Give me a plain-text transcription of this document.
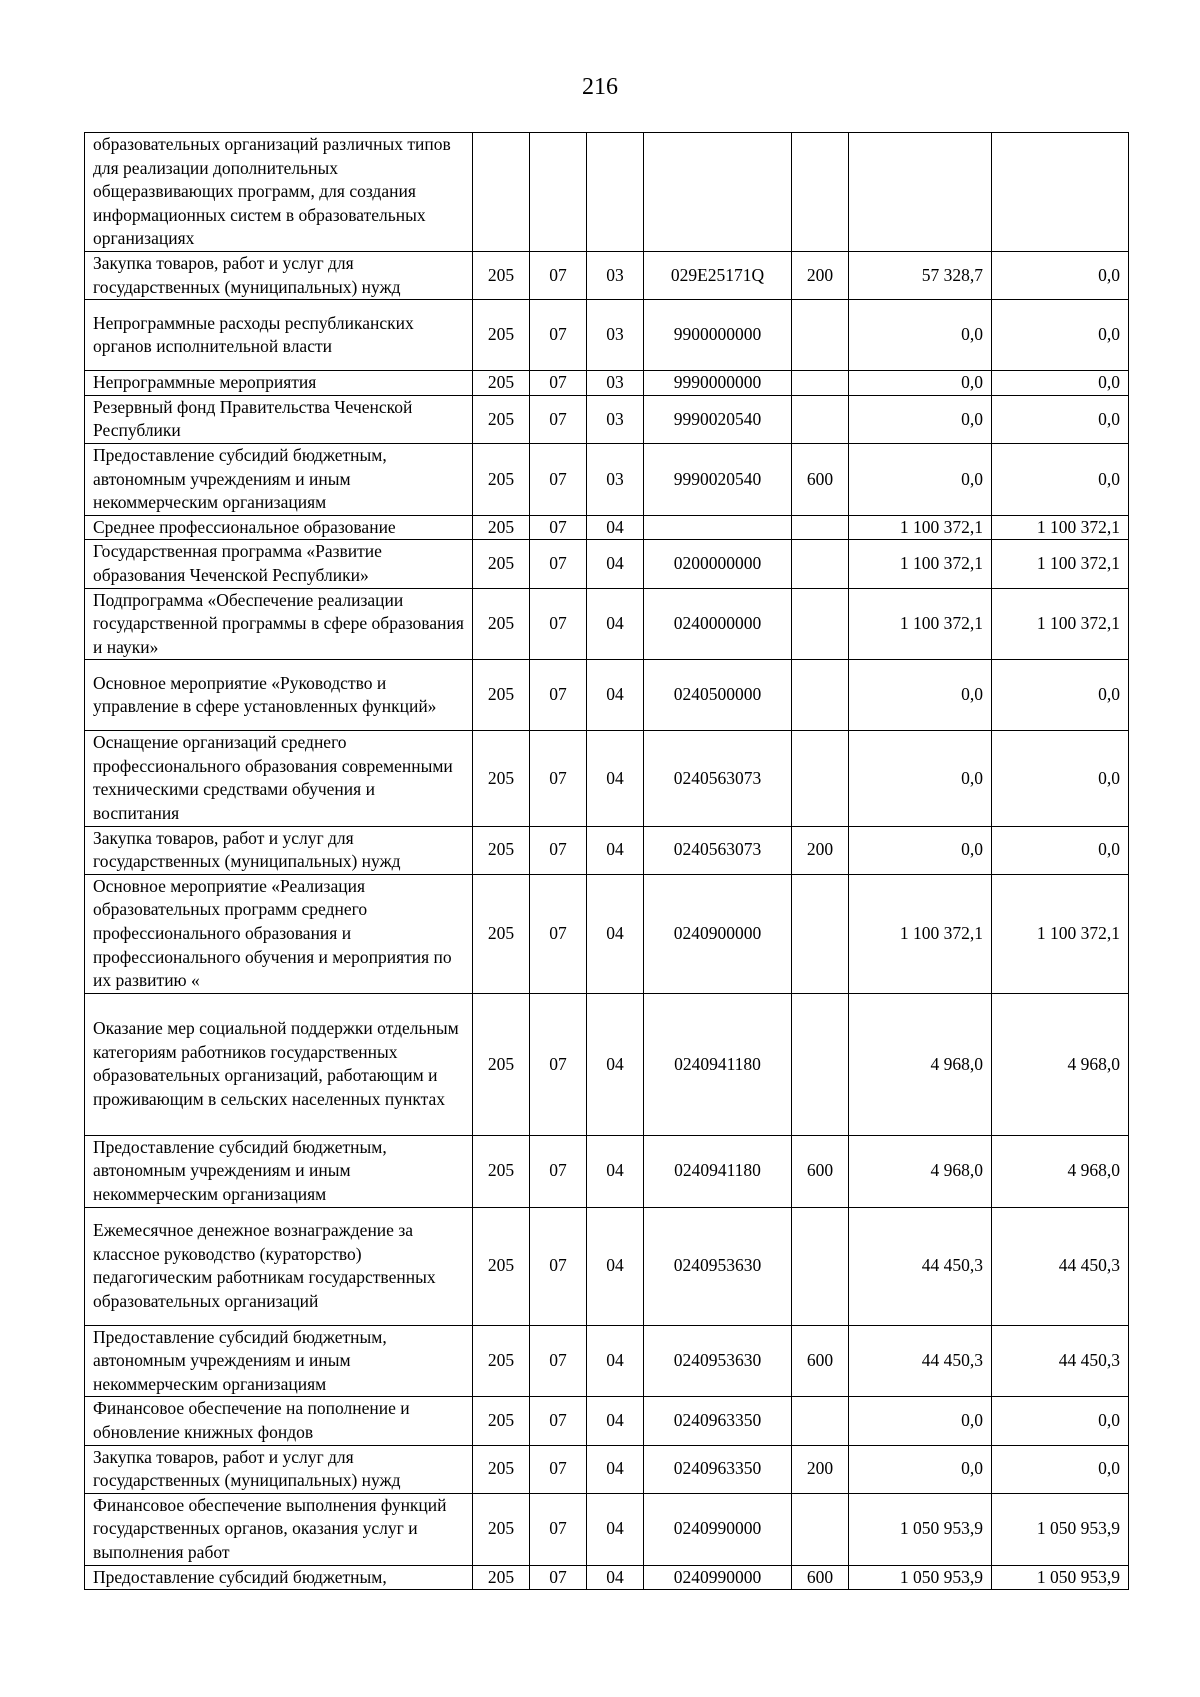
216
образовательных организаций различных типов для реализации дополнительных общеразвивающих программ, для создания информационных систем в образовательных организациях							
Закупка товаров, работ и услуг для государственных (муниципальных) нужд	205	07	03	029E25171Q	200	57 328,7	0,0
Непрограммные расходы республиканских органов исполнительной власти	205	07	03	9900000000		0,0	0,0
Непрограммные мероприятия	205	07	03	9990000000		0,0	0,0
Резервный фонд Правительства Чеченской Республики	205	07	03	9990020540		0,0	0,0
Предоставление субсидий бюджетным, автономным учреждениям и иным некоммерческим организациям	205	07	03	9990020540	600	0,0	0,0
Среднее профессиональное образование	205	07	04			1 100 372,1	1 100 372,1
Государственная программа «Развитие образования Чеченской Республики»	205	07	04	0200000000		1 100 372,1	1 100 372,1
Подпрограмма «Обеспечение реализации государственной программы в сфере образования и науки»	205	07	04	0240000000		1 100 372,1	1 100 372,1
Основное мероприятие «Руководство и управление в сфере установленных функций»	205	07	04	0240500000		0,0	0,0
Оснащение организаций среднего профессионального образования современными техническими средствами обучения и воспитания	205	07	04	0240563073		0,0	0,0
Закупка товаров, работ и услуг для государственных (муниципальных) нужд	205	07	04	0240563073	200	0,0	0,0
Основное мероприятие «Реализация образовательных программ среднего профессионального образования и профессионального обучения и мероприятия по их развитию «	205	07	04	0240900000		1 100 372,1	1 100 372,1
Оказание мер социальной поддержки отдельным категориям работников государственных образовательных организаций, работающим и проживающим в сельских населенных пунктах	205	07	04	0240941180		4 968,0	4 968,0
Предоставление субсидий бюджетным, автономным учреждениям и иным некоммерческим организациям	205	07	04	0240941180	600	4 968,0	4 968,0
Ежемесячное денежное вознаграждение за классное руководство (кураторство) педагогическим работникам государственных образовательных организаций	205	07	04	0240953630		44 450,3	44 450,3
Предоставление субсидий бюджетным, автономным учреждениям и иным некоммерческим организациям	205	07	04	0240953630	600	44 450,3	44 450,3
Финансовое обеспечение на пополнение и обновление книжных фондов	205	07	04	0240963350		0,0	0,0
Закупка товаров, работ и услуг для государственных (муниципальных) нужд	205	07	04	0240963350	200	0,0	0,0
Финансовое обеспечение выполнения функций государственных органов, оказания услуг и выполнения работ	205	07	04	0240990000		1 050 953,9	1 050 953,9
Предоставление субсидий бюджетным,	205	07	04	0240990000	600	1 050 953,9	1 050 953,9
